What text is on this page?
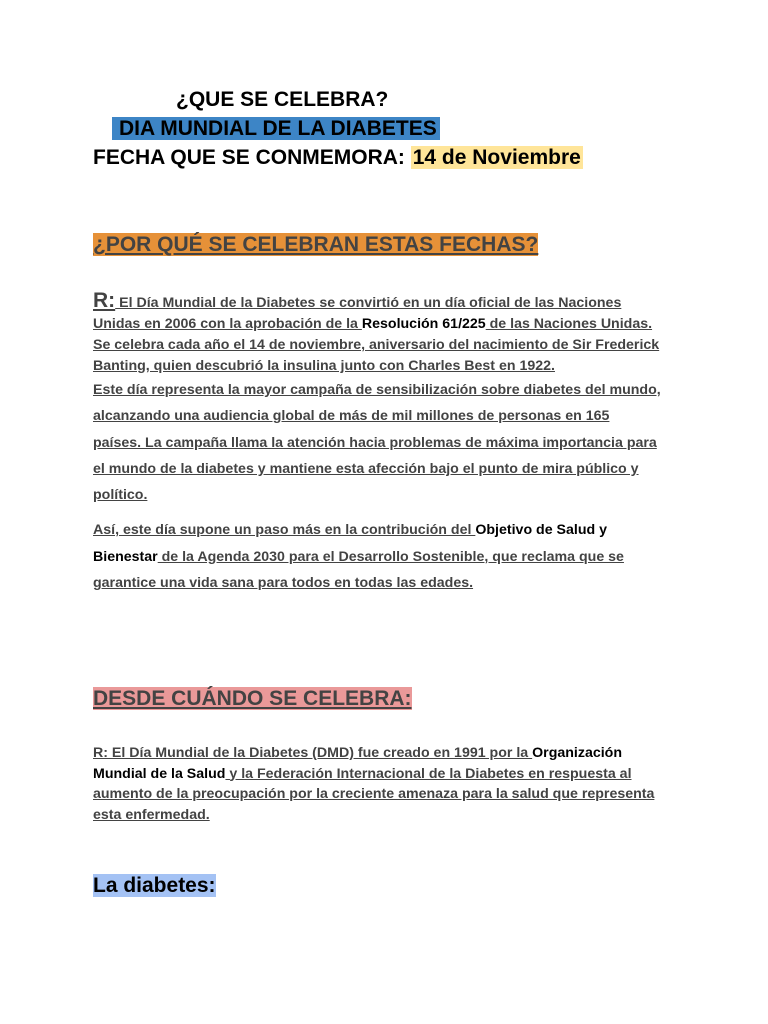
¿QUE SE CELEBRA?
DIA MUNDIAL DE LA DIABETES
FECHA QUE SE CONMEMORA: 14 de Noviembre
¿POR QUÉ SE CELEBRAN ESTAS FECHAS?
R: El Día Mundial de la Diabetes se convirtió en un día oficial de las Naciones
Unidas en 2006 con la aprobación de la Resolución 61/225 de las Naciones Unidas.
Se celebra cada año el 14 de noviembre, aniversario del nacimiento de Sir Frederick
Banting, quien descubrió la insulina junto con Charles Best en 1922.
Este día representa la mayor campaña de sensibilización sobre diabetes del mundo,
alcanzando una audiencia global de más de mil millones de personas en 165
países. La campaña llama la atención hacia problemas de máxima importancia para
el mundo de la diabetes y mantiene esta afección bajo el punto de mira público y
político.
Así, este día supone un paso más en la contribución del Objetivo de Salud y
Bienestar de la Agenda 2030 para el Desarrollo Sostenible, que reclama que se
garantice una vida sana para todos en todas las edades.
DESDE CUÁNDO SE CELEBRA:
R: El Día Mundial de la Diabetes (DMD) fue creado en 1991 por la Organización
Mundial de la Salud y la Federación Internacional de la Diabetes en respuesta al
aumento de la preocupación por la creciente amenaza para la salud que representa
esta enfermedad.
La diabetes:
